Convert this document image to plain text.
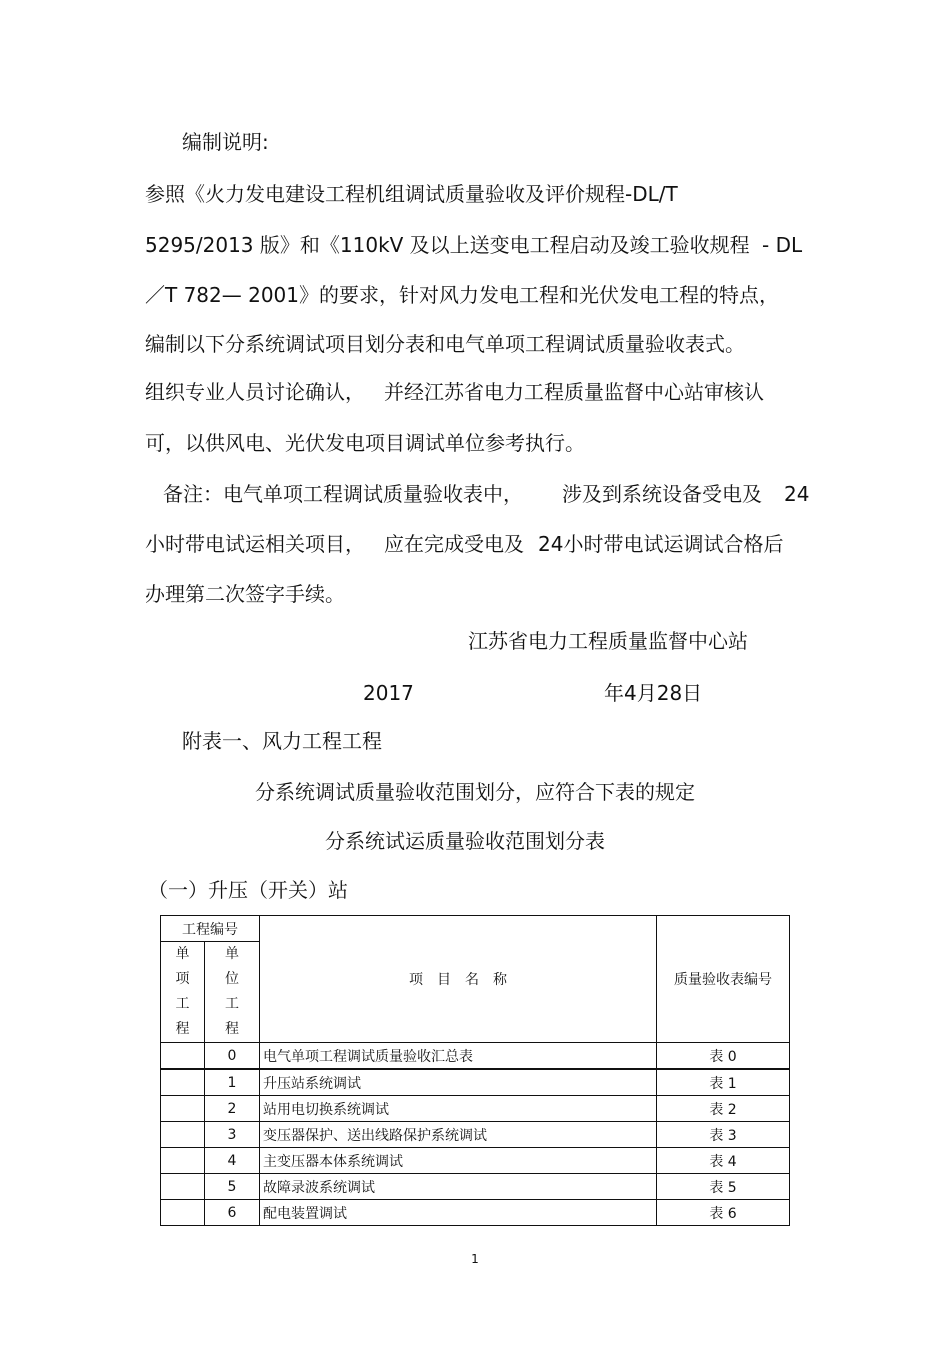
编制说明:
参照《火力发电建设工程机组调试质量验收及评价规程-DL/T
5295/2013 版》和《110kV 及以上送变电工程启动及竣工验收规程 - DL
／T 782— 2001》的要求，针对风力发电工程和光伏发电工程的特点，
编制以下分系统调试项目划分表和电气单项工程调试质量验收表式。
组织专业人员讨论确认， 并经江苏省电力工程质量监督中心站审核认
可，以供风电、光伏发电项目调试单位参考执行。
备注：电气单项工程调试质量验收表中， 涉及到系统设备受电及 24
小时带电试运相关项目， 应在完成受电及 24小时带电试运调试合格后
办理第二次签字手续。
江苏省电力工程质量监督中心站
2017	年4月28日
附表一、风力工程工程
分系统调试质量验收范围划分，应符合下表的规定
分系统试运质量验收范围划分表
（一）升压（开关）站
工程编号		项　目　名　称	质量验收表编号

单
项
工
程	单
位
工
程		

	0	电气单项工程调试质量验收汇总表	表 0
	1	升压站系统调试	表 1
	2	站用电切换系统调试	表 2
	3	变压器保护、送出线路保护系统调试	表 3
	4	主变压器本体系统调试	表 4
	5	故障录波系统调试	表 5
	6	配电装置调试	表 6
1
